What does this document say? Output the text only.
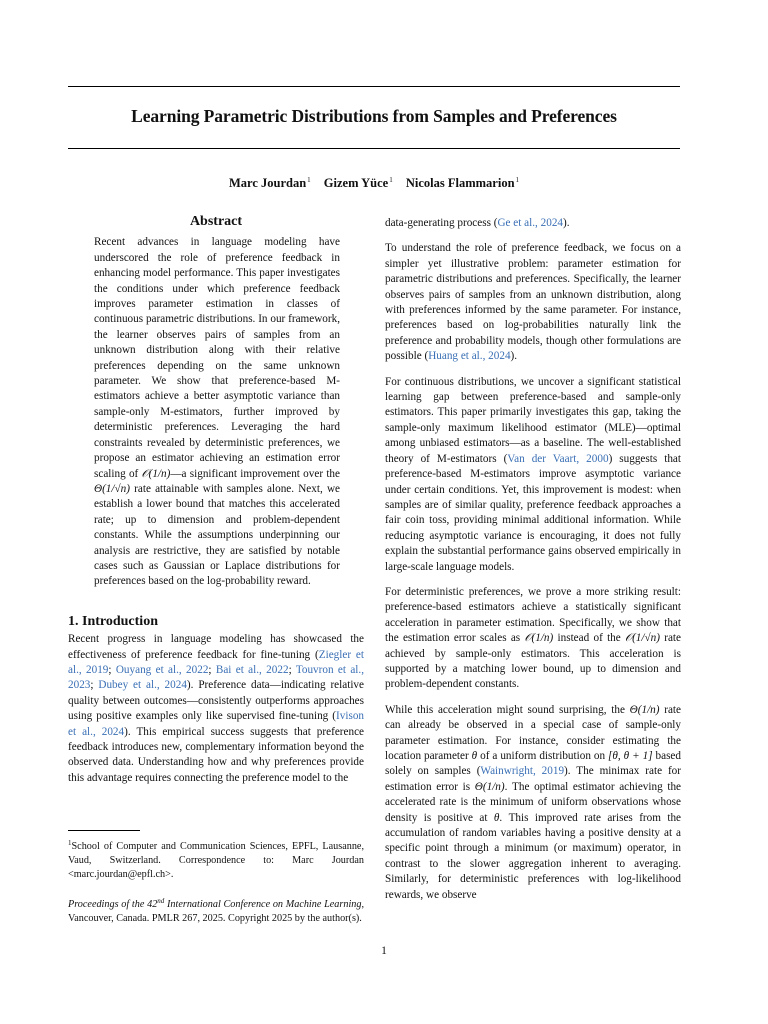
Learning Parametric Distributions from Samples and Preferences
Marc Jourdan$^1$ Gizem Yüce$^1$ Nicolas Flammarion$^1$
Abstract

Recent advances in language modeling have underscored the role of preference feedback in enhancing model performance. This paper investigates the conditions under which preference feedback improves parameter estimation in classes of continuous parametric distributions. In our framework, the learner observes pairs of samples from an unknown distribution along with their relative preferences depending on the same unknown parameter. We show that preference-based M-estimators achieve a better asymptotic variance than sample-only M-estimators, further improved by deterministic preferences. Leveraging the hard constraints revealed by deterministic preferences, we propose an estimator achieving an estimation error scaling of 𝒪(1/n)—a significant improvement over the Θ(1/√n) rate attainable with samples alone. Next, we establish a lower bound that matches this accelerated rate; up to dimension and problem-dependent constants. While the assumptions underpinning our analysis are restrictive, they are satisfied by notable cases such as Gaussian or Laplace distributions for preferences based on the log-probability reward.

1. Introduction

Recent progress in language modeling has showcased the effectiveness of preference feedback for fine-tuning (Ziegler et al., 2019; Ouyang et al., 2022; Bai et al., 2022; Touvron et al., 2023; Dubey et al., 2024). Preference data—indicating relative quality between outcomes—consistently outperforms approaches using positive examples only like supervised fine-tuning (Ivison et al., 2024). This empirical success suggests that preference feedback introduces new, complementary information beyond the observed data. Understanding how and why preferences provide this advantage requires connecting the preference model to the

$^1$School of Computer and Communication Sciences, EPFL, Lausanne, Vaud, Switzerland. Correspondence to: Marc Jourdan <marc.jourdan@epfl.ch>.

Proceedings of the 42nd International Conference on Machine Learning, Vancouver, Canada. PMLR 267, 2025. Copyright 2025 by the author(s).

data-generating process (Ge et al., 2024).

To understand the role of preference feedback, we focus on a simpler yet illustrative problem: parameter estimation for parametric distributions and preferences. Specifically, the learner observes pairs of samples from an unknown distribution, along with preferences informed by the same parameter. For instance, preferences based on log-probabilities naturally link the preference and probability models, though other formulations are possible (Huang et al., 2024).

For continuous distributions, we uncover a significant statistical learning gap between preference-based and sample-only estimators. This paper primarily investigates this gap, taking the sample-only maximum likelihood estimator (MLE)—optimal among unbiased estimators—as a baseline. The well-established theory of M-estimators (Van der Vaart, 2000) suggests that preference-based M-estimators improve asymptotic variance under certain conditions. Yet, this improvement is modest: when samples are of similar quality, preference feedback approaches a fair coin toss, providing minimal additional information. While reducing asymptotic variance is encouraging, it does not fully explain the substantial performance gains observed empirically in large-scale language models.

For deterministic preferences, we prove a more striking result: preference-based estimators achieve a statistically significant acceleration in parameter estimation. Specifically, we show that the estimation error scales as 𝒪(1/n) instead of the 𝒪(1/√n) rate achieved by sample-only estimators. This acceleration is supported by a matching lower bound, up to dimension and problem-dependent constants.

While this acceleration might sound surprising, the Θ(1/n) rate can already be observed in a special case of sample-only parameter estimation. For instance, consider estimating the location parameter θ of a uniform distribution on [θ, θ + 1] based solely on samples (Wainwright, 2019). The minimax rate for estimation error is Θ(1/n). The optimal estimator achieving the accelerated rate is the minimum of uniform observations whose density is positive at θ. This improved rate arises from the accumulation of random variables having a positive density at a specific point through a minimum (or maximum) operator, in contrast to the slower aggregation inherent to averaging. Similarly, for deterministic preferences with log-likelihood rewards, we observe

1
